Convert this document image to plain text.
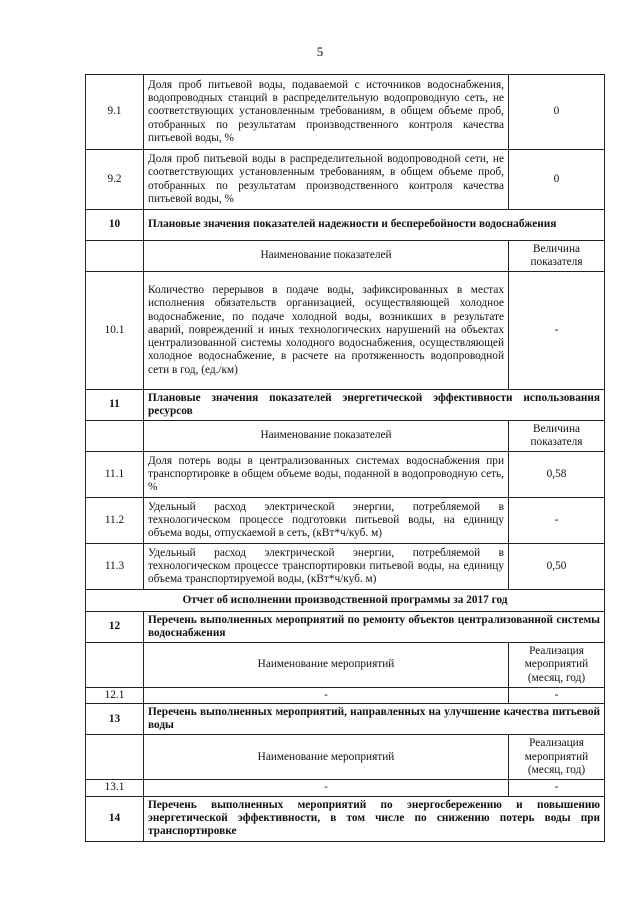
5
9.1	Доля проб питьевой воды, подаваемой с источников водоснабжения, водопроводных станций в распределительную водопроводную сеть, не соответствующих установленным требованиям, в общем объеме проб, отобранных по результатам производственного контроля качества питьевой воды, %	0
9.2	Доля проб питьевой воды в распределительной водопроводной сети, не соответствующих установленным требованиям, в общем объеме проб, отобранных по результатам производственного контроля качества питьевой воды, %	0
10	Плановые значения показателей надежности и бесперебойности водоснабжения	
	Наименование показателей	Величина показателя
10.1	Количество перерывов в подаче воды, зафиксированных в местах исполнения обязательств организацией, осуществляющей холодное водоснабжение, по подаче холодной воды, возникших в результате аварий, повреждений и иных технологических нарушений на объектах централизованной системы холодного водоснабжения, осуществляющей холодное водоснабжение, в расчете на протяженность водопроводной сети в год, (ед./км)	-
11	Плановые значения показателей энергетической эффективности использования ресурсов	
	Наименование показателей	Величина показателя
11.1	Доля потерь воды в централизованных системах водоснабжения при транспортировке в общем объеме воды, поданной в водопроводную сеть, %	0,58
11.2	Удельный расход электрической энергии, потребляемой в технологическом процессе подготовки питьевой воды, на единицу объема воды, отпускаемой в сеть, (кВт*ч/куб. м)	-
11.3	Удельный расход электрической энергии, потребляемой в технологическом процессе транспортировки питьевой воды, на единицу объема транспортируемой воды, (кВт*ч/куб. м)	0,50
Отчет об исполнении производственной программы за 2017 год		
12	Перечень выполненных мероприятий по ремонту объектов централизованной системы водоснабжения	
	Наименование мероприятий	Реализация мероприятий (месяц, год)
12.1	-	-
13	Перечень выполненных мероприятий, направленных на улучшение качества питьевой воды	
	Наименование мероприятий	Реализация мероприятий (месяц, год)
13.1	-	-
14	Перечень выполненных мероприятий по энергосбережению и повышению энергетической эффективности, в том числе по снижению потерь воды при транспортировке	
